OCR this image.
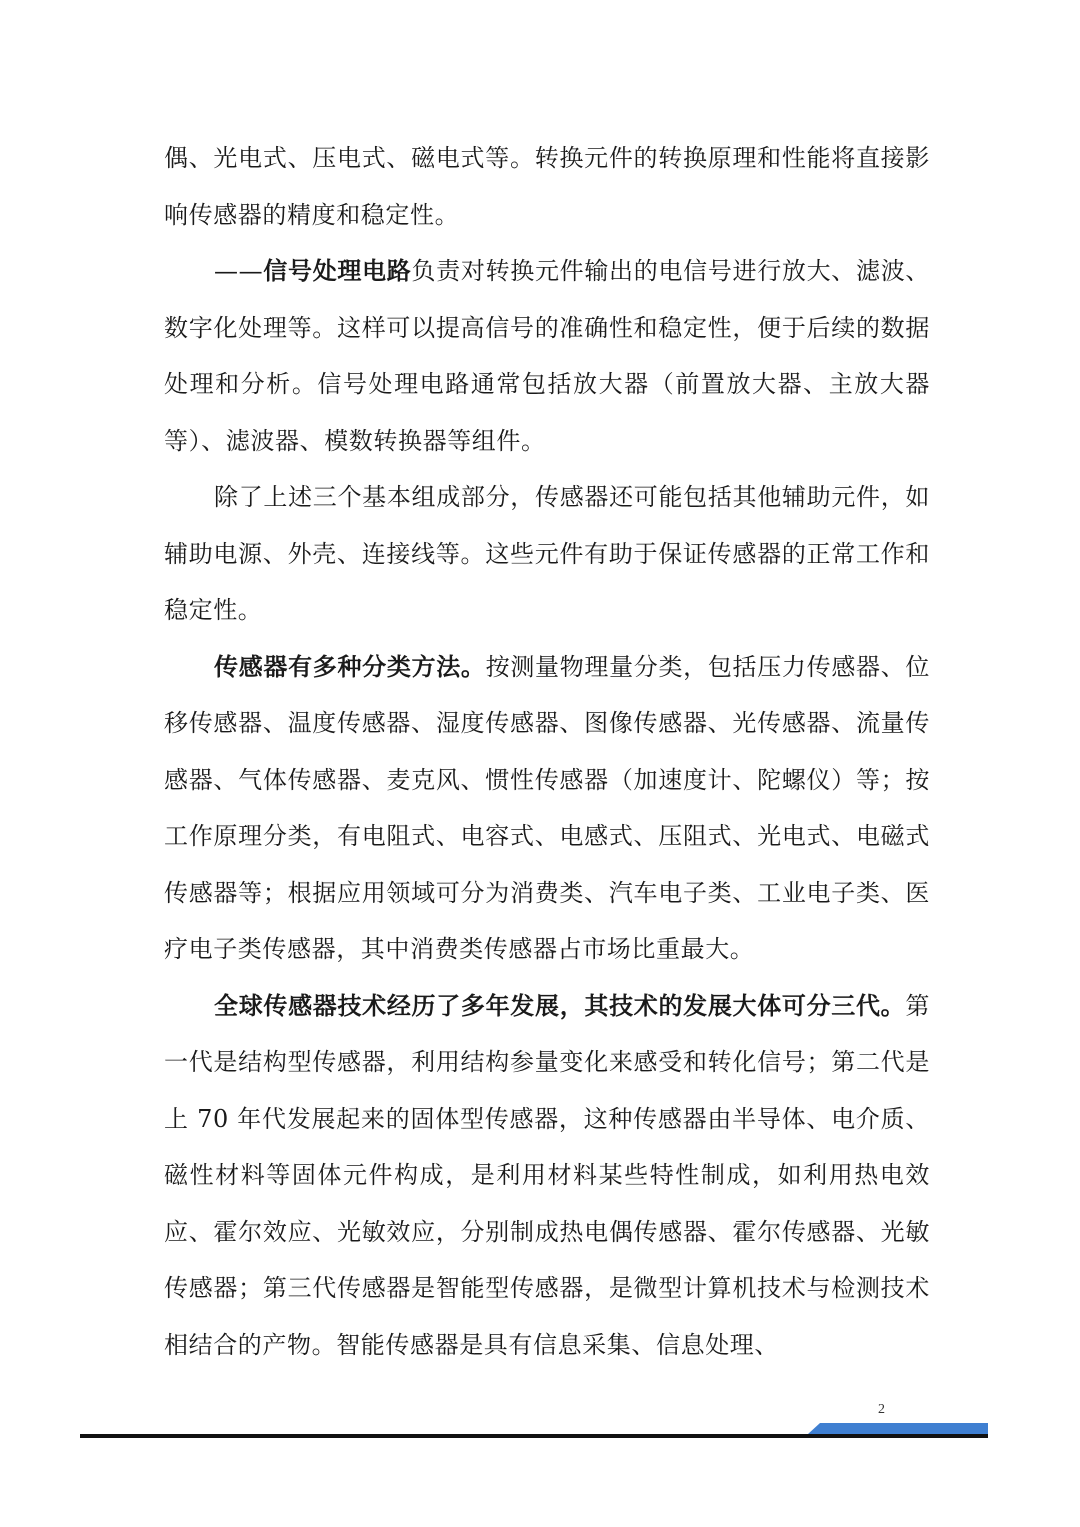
偶、光电式、压电式、磁电式等。转换元件的转换原理和性能将直接影响传感器的精度和稳定性。

——信号处理电路负责对转换元件输出的电信号进行放大、滤波、数字化处理等。这样可以提高信号的准确性和稳定性，便于后续的数据处理和分析。信号处理电路通常包括放大器（前置放大器、主放大器等）、滤波器、模数转换器等组件。

除了上述三个基本组成部分，传感器还可能包括其他辅助元件，如辅助电源、外壳、连接线等。这些元件有助于保证传感器的正常工作和稳定性。

传感器有多种分类方法。按测量物理量分类，包括压力传感器、位移传感器、温度传感器、湿度传感器、图像传感器、光传感器、流量传感器、气体传感器、麦克风、惯性传感器（加速度计、陀螺仪）等；按工作原理分类，有电阻式、电容式、电感式、压阻式、光电式、电磁式传感器等；根据应用领域可分为消费类、汽车电子类、工业电子类、医疗电子类传感器，其中消费类传感器占市场比重最大。

全球传感器技术经历了多年发展，其技术的发展大体可分三代。第一代是结构型传感器，利用结构参量变化来感受和转化信号；第二代是上 70 年代发展起来的固体型传感器，这种传感器由半导体、电介质、磁性材料等固体元件构成，是利用材料某些特性制成，如利用热电效应、霍尔效应、光敏效应，分别制成热电偶传感器、霍尔传感器、光敏传感器；第三代传感器是智能型传感器，是微型计算机技术与检测技术相结合的产物。智能传感器是具有信息采集、信息处理、

2
